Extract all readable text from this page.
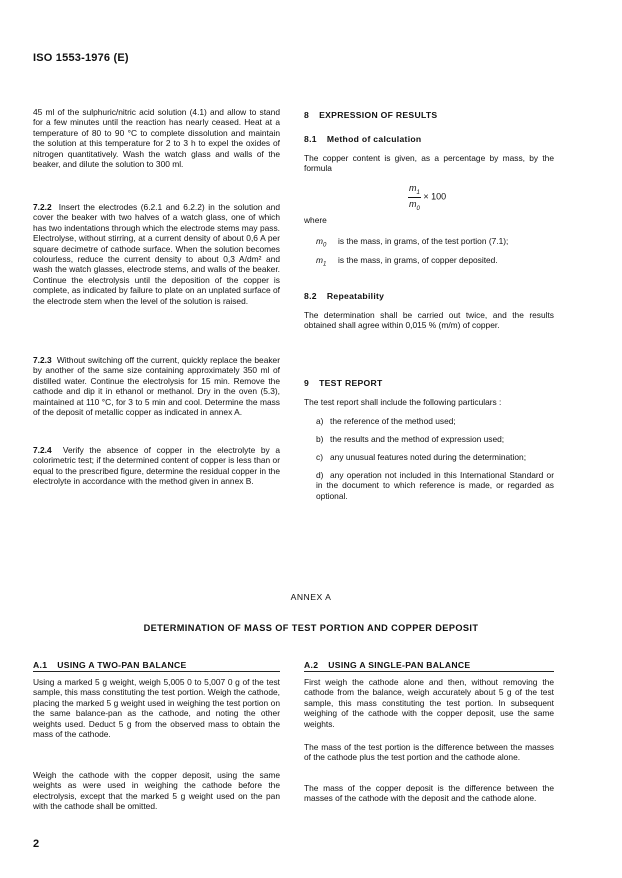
ISO 1553-1976 (E)

45 ml of the sulphuric/nitric acid solution (4.1) and allow to stand for a few minutes until the reaction has nearly ceased. Heat at a temperature of 80 to 90 °C to complete dissolution and maintain the solution at this temperature for 2 to 3 h to expel the oxides of nitrogen quantitatively. Wash the watch glass and walls of the beaker, and dilute the solution to 300 ml.

7.2.2 Insert the electrodes (6.2.1 and 6.2.2) in the solution and cover the beaker with two halves of a watch glass, one of which has two indentations through which the electrode stems may pass. Electrolyse, without stirring, at a current density of about 0,6 A per square decimetre of cathode surface. When the solution becomes colourless, reduce the current density to about 0,3 A/dm² and wash the watch glasses, electrode stems, and walls of the beaker. Continue the electrolysis until the deposition of the copper is complete, as indicated by failure to plate on an unplated surface of the electrode stem when the level of the solution is raised.

7.2.3 Without switching off the current, quickly replace the beaker by another of the same size containing approximately 350 ml of distilled water. Continue the electrolysis for 15 min. Remove the cathode and dip it in ethanol or methanol. Dry in the oven (5.3), maintained at 110 °C, for 3 to 5 min and cool. Determine the mass of the deposit of metallic copper as indicated in annex A.

7.2.4 Verify the absence of copper in the electrolyte by a colorimetric test; if the determined content of copper is less than or equal to the prescribed figure, determine the residual copper in the electrolyte in accordance with the method given in annex B.

8 EXPRESSION OF RESULTS
8.1 Method of calculation

The copper content is given, as a percentage by mass, by the formula

$\frac{m_1}{m_0} \times 100$
where
$m_0$ is the mass, in grams, of the test portion (7.1);
$m_1$ is the mass, in grams, of copper deposited.
8.2 Repeatability

The determination shall be carried out twice, and the results obtained shall agree within 0,015 % (m/m) of copper.

9 TEST REPORT

The test report shall include the following particulars :

a) the reference of the method used;

b) the results and the method of expression used;

c) any unusual features noted during the determination;

d) any operation not included in this International Standard or in the document to which reference is made, or regarded as optional.

ANNEX A
DETERMINATION OF MASS OF TEST PORTION AND COPPER DEPOSIT
A.1 USING A TWO-PAN BALANCE

Using a marked 5 g weight, weigh 5,005 0 to 5,007 0 g of the test sample, this mass constituting the test portion. Weigh the cathode, placing the marked 5 g weight used in weighing the test portion on the same balance-pan as the cathode, and noting the other weights used. Deduct 5 g from the observed mass to obtain the mass of the cathode.

Weigh the cathode with the copper deposit, using the same weights as were used in weighing the cathode before the electrolysis, except that the marked 5 g weight used on the pan with the cathode shall be omitted.

A.2 USING A SINGLE-PAN BALANCE

First weigh the cathode alone and then, without removing the cathode from the balance, weigh accurately about 5 g of the test sample, this mass constituting the test portion. In subsequent weighing of the cathode with the copper deposit, use the same weights.

The mass of the test portion is the difference between the masses of the cathode plus the test portion and the cathode alone.

The mass of the copper deposit is the difference between the masses of the cathode with the deposit and the cathode alone.

2
